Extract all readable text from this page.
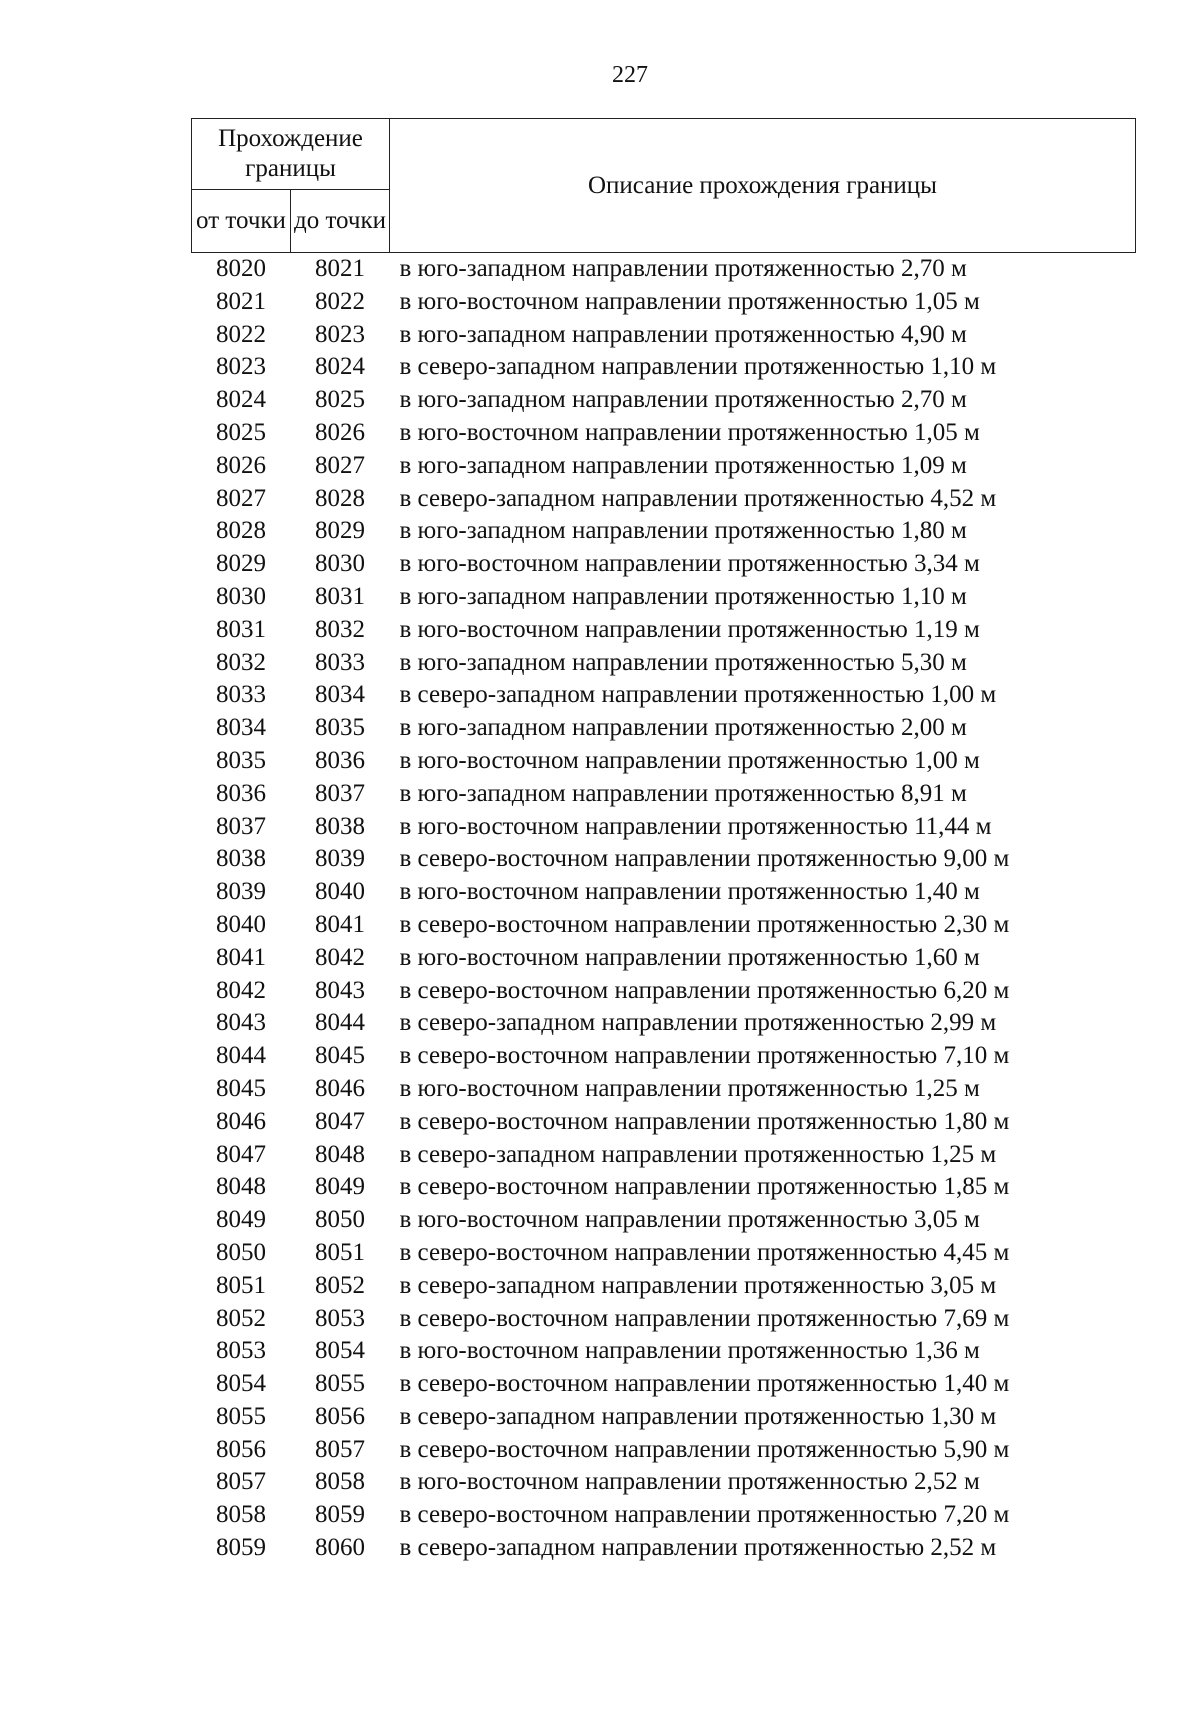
227
Прохождение границы		Описание прохождения границы
от точки	до точки	
8020	8021	в юго-западном направлении протяженностью 2,70 м
8021	8022	в юго-восточном направлении протяженностью 1,05 м
8022	8023	в юго-западном направлении протяженностью 4,90 м
8023	8024	в северо-западном направлении протяженностью 1,10 м
8024	8025	в юго-западном направлении протяженностью 2,70 м
8025	8026	в юго-восточном направлении протяженностью 1,05 м
8026	8027	в юго-западном направлении протяженностью 1,09 м
8027	8028	в северо-западном направлении протяженностью 4,52 м
8028	8029	в юго-западном направлении протяженностью 1,80 м
8029	8030	в юго-восточном направлении протяженностью 3,34 м
8030	8031	в юго-западном направлении протяженностью 1,10 м
8031	8032	в юго-восточном направлении протяженностью 1,19 м
8032	8033	в юго-западном направлении протяженностью 5,30 м
8033	8034	в северо-западном направлении протяженностью 1,00 м
8034	8035	в юго-западном направлении протяженностью 2,00 м
8035	8036	в юго-восточном направлении протяженностью 1,00 м
8036	8037	в юго-западном направлении протяженностью 8,91 м
8037	8038	в юго-восточном направлении протяженностью 11,44 м
8038	8039	в северо-восточном направлении протяженностью 9,00 м
8039	8040	в юго-восточном направлении протяженностью 1,40 м
8040	8041	в северо-восточном направлении протяженностью 2,30 м
8041	8042	в юго-восточном направлении протяженностью 1,60 м
8042	8043	в северо-восточном направлении протяженностью 6,20 м
8043	8044	в северо-западном направлении протяженностью 2,99 м
8044	8045	в северо-восточном направлении протяженностью 7,10 м
8045	8046	в юго-восточном направлении протяженностью 1,25 м
8046	8047	в северо-восточном направлении протяженностью 1,80 м
8047	8048	в северо-западном направлении протяженностью 1,25 м
8048	8049	в северо-восточном направлении протяженностью 1,85 м
8049	8050	в юго-восточном направлении протяженностью 3,05 м
8050	8051	в северо-восточном направлении протяженностью 4,45 м
8051	8052	в северо-западном направлении протяженностью 3,05 м
8052	8053	в северо-восточном направлении протяженностью 7,69 м
8053	8054	в юго-восточном направлении протяженностью 1,36 м
8054	8055	в северо-восточном направлении протяженностью 1,40 м
8055	8056	в северо-западном направлении протяженностью 1,30 м
8056	8057	в северо-восточном направлении протяженностью 5,90 м
8057	8058	в юго-восточном направлении протяженностью 2,52 м
8058	8059	в северо-восточном направлении протяженностью 7,20 м
8059	8060	в северо-западном направлении протяженностью 2,52 м
